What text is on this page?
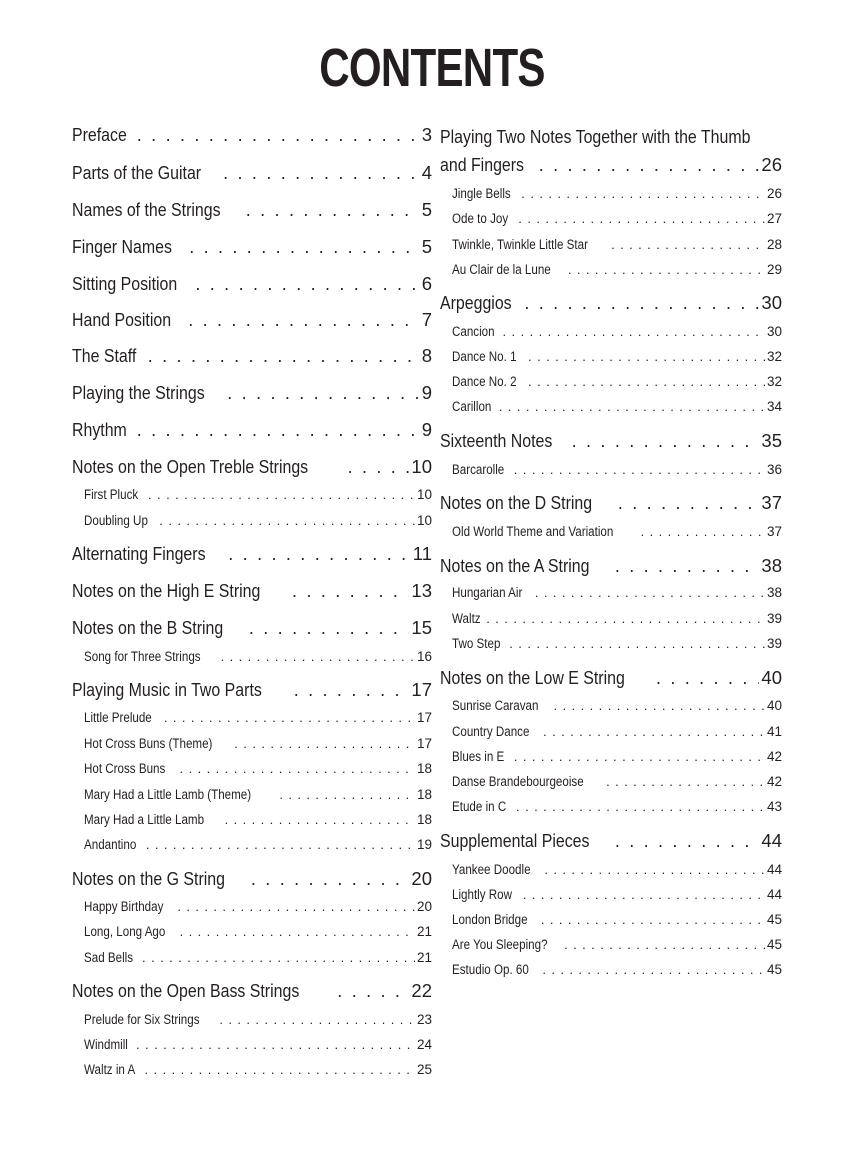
CONTENTS
Preface . . .	3
Parts of the Guitar . . .	4
Names of the Strings . . .	5
Finger Names . . .	5
Sitting Position . . .	6
Hand Position . . .	7
The Staff . . .	8
Playing the Strings . . .	9
Rhythm . . .	9
Notes on the Open Treble Strings . . .	10
First Pluck . . .	10
Doubling Up . . .	10
Alternating Fingers . . .	11
Notes on the High E String . . .	13
Notes on the B String . . .	15
Song for Three Strings . . .	16
Playing Music in Two Parts . . .	17
Little Prelude . . .	17
Hot Cross Buns (Theme) . . .	17
Hot Cross Buns . . .	18
Mary Had a Little Lamb (Theme) . . .	18
Mary Had a Little Lamb . . .	18
Andantino . . .	19
Notes on the G String . . .	20
Happy Birthday . . .	20
Long, Long Ago . . .	21
Sad Bells . . .	21
Notes on the Open Bass Strings . . .	22
Prelude for Six Strings . . .	23
Windmill . . .	24
Waltz in A . . .	25
Playing Two Notes Together with the Thumb
and Fingers . . .	26
Jingle Bells . . .	26
Ode to Joy . . .	27
Twinkle, Twinkle Little Star . . .	28
Au Clair de la Lune . . .	29
Arpeggios . . .	30
Cancion . . .	30
Dance No. 1 . . .	32
Dance No. 2 . . .	32
Carillon . . .	34
Sixteenth Notes . . .	35
Barcarolle . . .	36
Notes on the D String . . .	37
Old World Theme and Variation . . .	37
Notes on the A String . . .	38
Hungarian Air . . .	38
Waltz . . .	39
Two Step . . .	39
Notes on the Low E String . . .	40
Sunrise Caravan . . .	40
Country Dance . . .	41
Blues in E . . .	42
Danse Brandebourgeoise . . .	42
Etude in C . . .	43
Supplemental Pieces . . .	44
Yankee Doodle . . .	44
Lightly Row . . .	44
London Bridge . . .	45
Are You Sleeping? . . .	45
Estudio Op. 60 . . .	45
